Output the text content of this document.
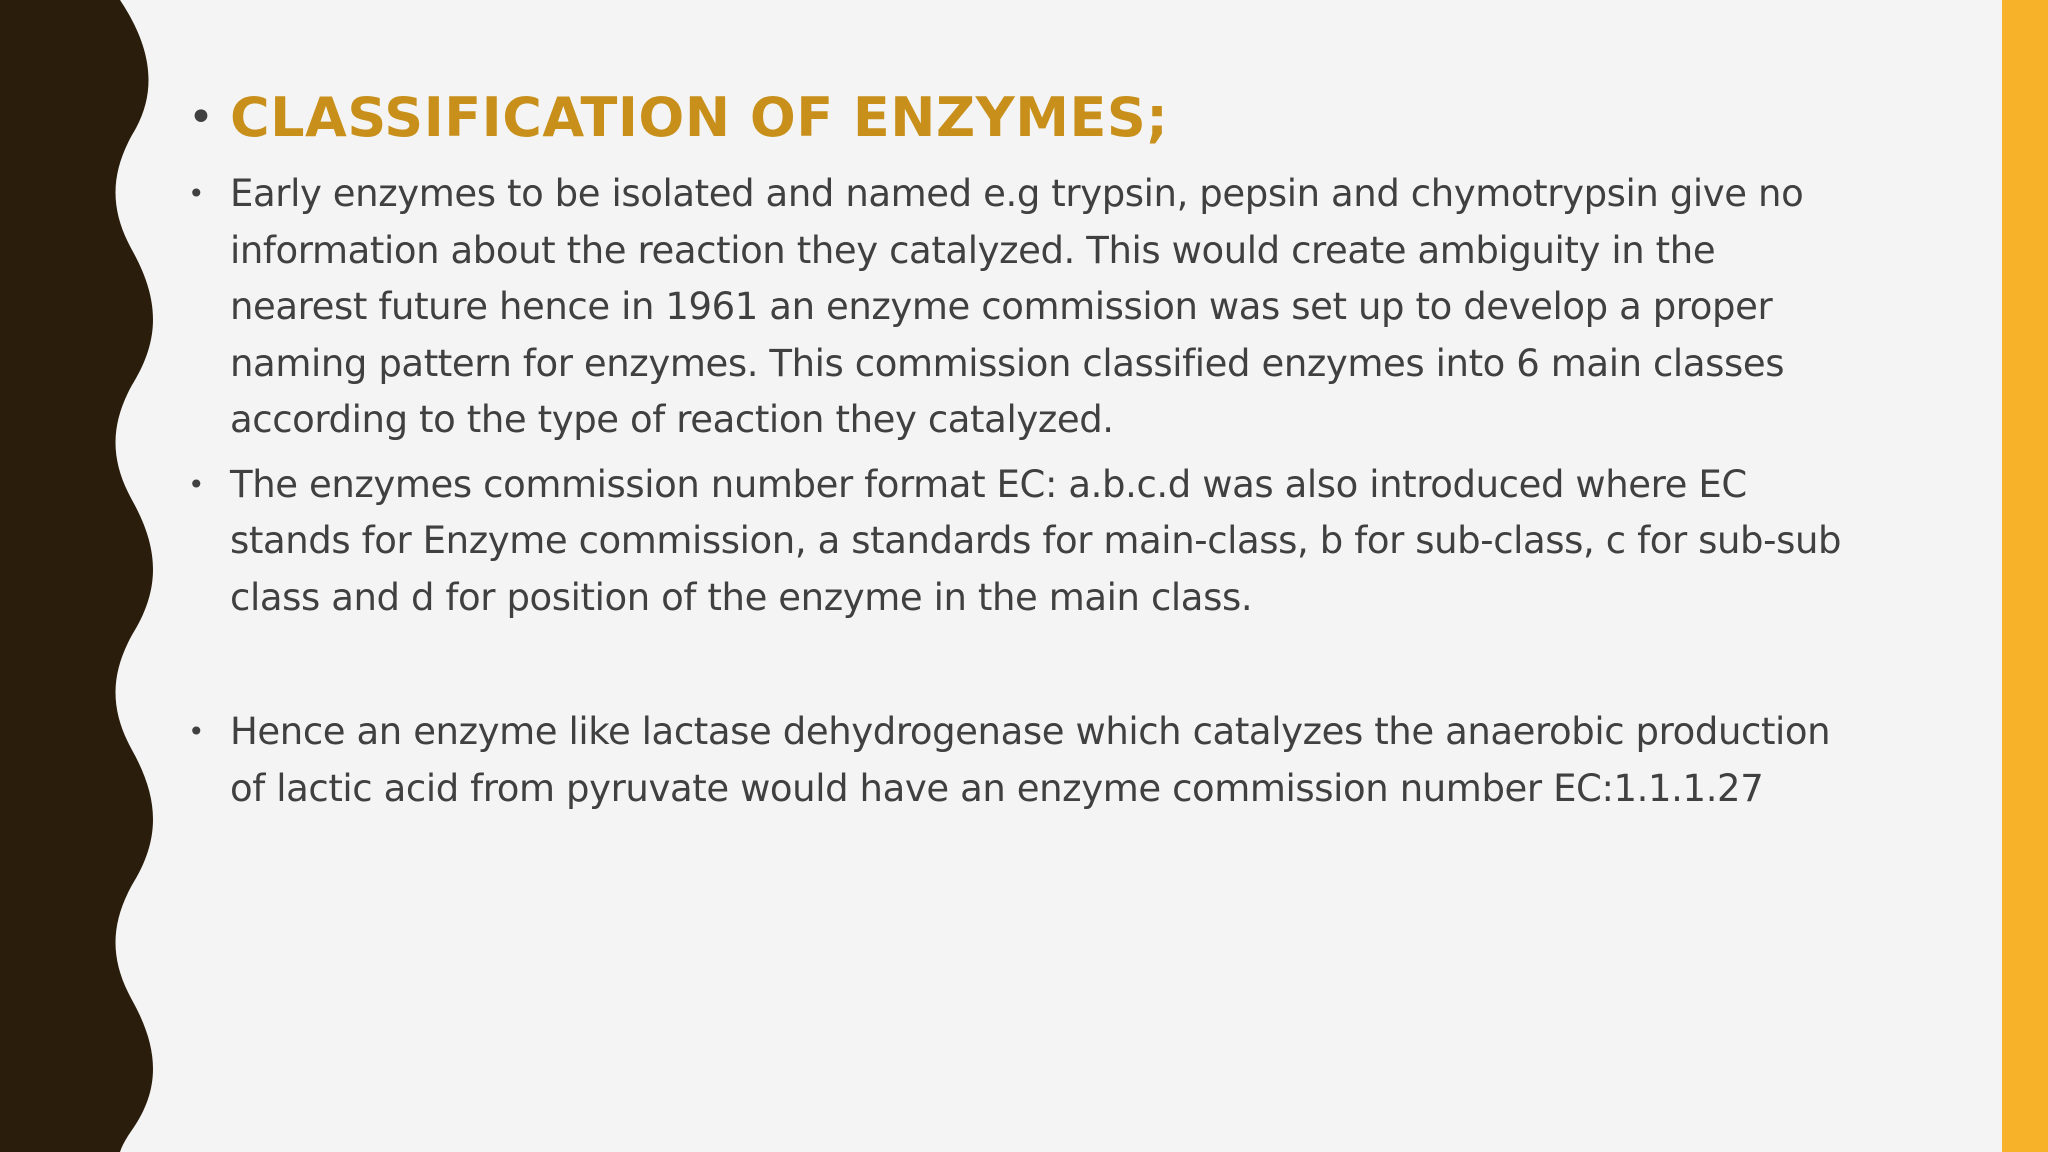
• CLASSIFICATION OF ENZYMES;
• Early enzymes to be isolated and named e.g trypsin, pepsin and chymotrypsin give no information about the reaction they catalyzed. This would create ambiguity in the nearest future hence in 1961 an enzyme commission was set up to develop a proper naming pattern for enzymes. This commission classified enzymes into 6 main classes according to the type of reaction they catalyzed.
• The enzymes commission number format EC: a.b.c.d was also introduced where EC stands for Enzyme commission, a standards for main-class, b for sub-class, c for sub-sub class and d for position of the enzyme in the main class.
• Hence an enzyme like lactase dehydrogenase which catalyzes the anaerobic production of lactic acid from pyruvate would have an enzyme commission number EC:1.1.1.27
